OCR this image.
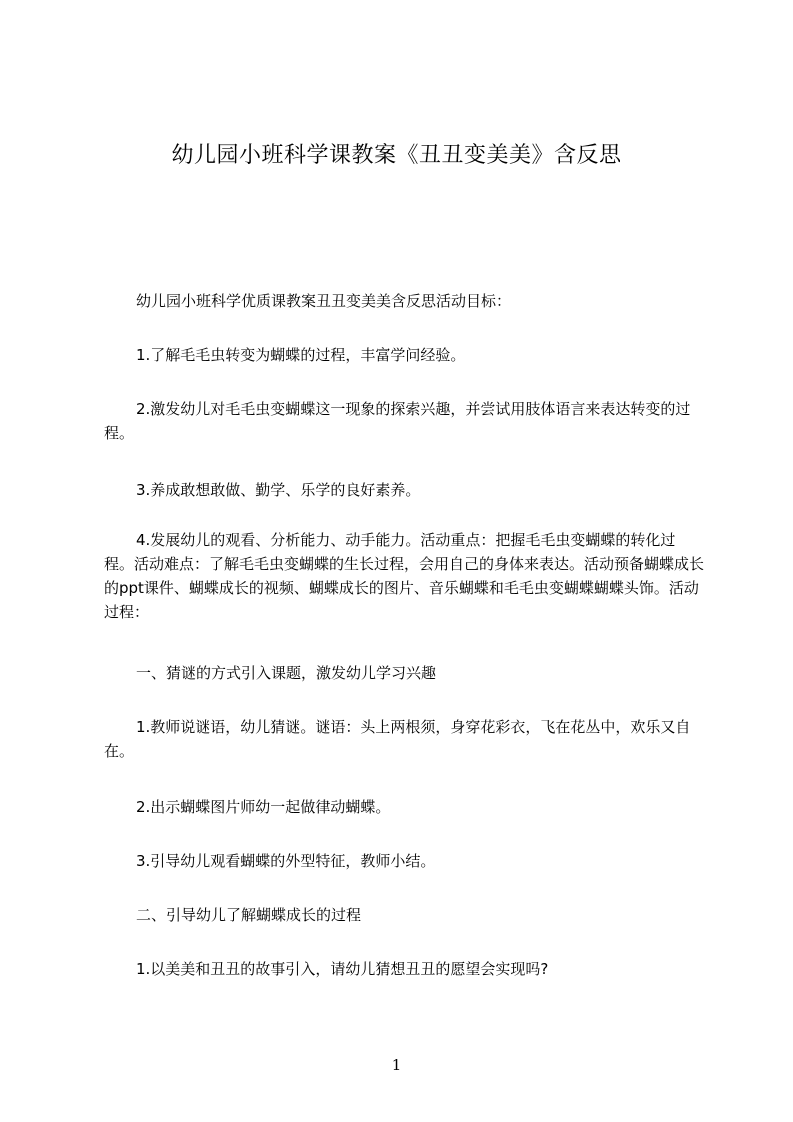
幼儿园小班科学课教案《丑丑变美美》含反思
幼儿园小班科学优质课教案丑丑变美美含反思活动目标：
1.了解毛毛虫转变为蝴蝶的过程，丰富学问经验。
2.激发幼儿对毛毛虫变蝴蝶这一现象的探索兴趣，并尝试用肢体语言来表达转变的过程。
3.养成敢想敢做、勤学、乐学的良好素养。
4.发展幼儿的观看、分析能力、动手能力。活动重点：把握毛毛虫变蝴蝶的转化过程。活动难点：了解毛毛虫变蝴蝶的生长过程，会用自己的身体来表达。活动预备蝴蝶成长的ppt课件、蝴蝶成长的视频、蝴蝶成长的图片、音乐蝴蝶和毛毛虫变蝴蝶蝴蝶头饰。活动过程：
一、猜谜的方式引入课题，激发幼儿学习兴趣
1.教师说谜语，幼儿猜谜。谜语：头上两根须，身穿花彩衣，飞在花丛中，欢乐又自在。
2.出示蝴蝶图片师幼一起做律动蝴蝶。
3.引导幼儿观看蝴蝶的外型特征，教师小结。
二、引导幼儿了解蝴蝶成长的过程
1.以美美和丑丑的故事引入，请幼儿猜想丑丑的愿望会实现吗?
1
